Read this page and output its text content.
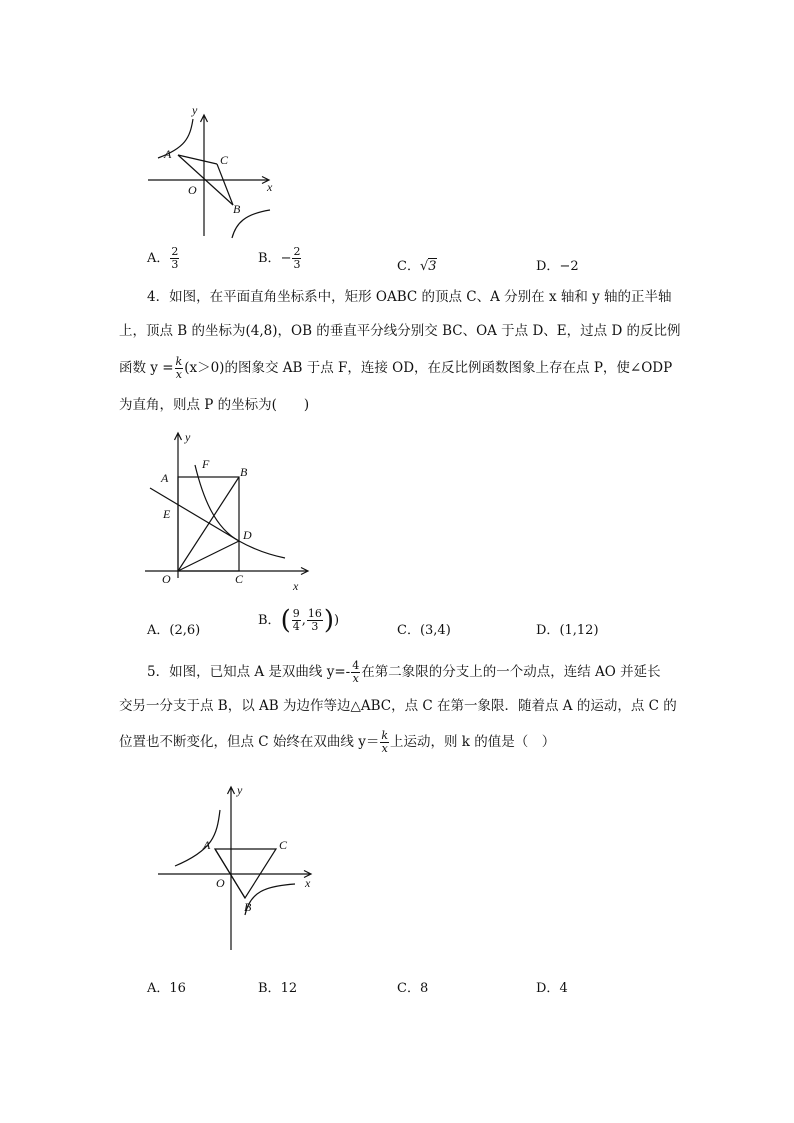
y
x
O
A	C
B
A． $\frac{2}{3}$	B．− $\frac{2}{3}$	C．√3	D．−2
4．如图，在平面直角坐标系中，矩形 OABC 的顶点 C、A 分别在 x 轴和 y 轴的正半轴
上，顶点 B 的坐标为(4,8)，OB 的垂直平分线分别交 BC、OA 于点 D、E，过点 D 的反比例
函数 $y = \frac{k}{x} (x>0)$的图象交 AB 于点 F，连接 OD，在反比例函数图象上存在点 P，使∠ODP
为直角，则点 P 的坐标为(　　)
y
x
O
A	B
C
D
E
F
A．(2,6)
B．( $\frac{9}{4}$ , $\frac{16}{3}$ ))
C．(3,4)	D．(1,12)
5．如图，已知点 A 是双曲线 $y=- \frac{4}{x}$ 在第二象限的分支上的一个动点，连结 AO 并延长
交另一分支于点 B，以 AB 为边作等边△ABC，点 C 在第一象限．随着点 A 的运动，点 C 的
位置也不断变化，但点 C 始终在双曲线 $y= \frac{k}{x}$ 上运动，则 k 的值是（　）
y
x
O
A	C
B
A．16	B．12	C．8	D．4
